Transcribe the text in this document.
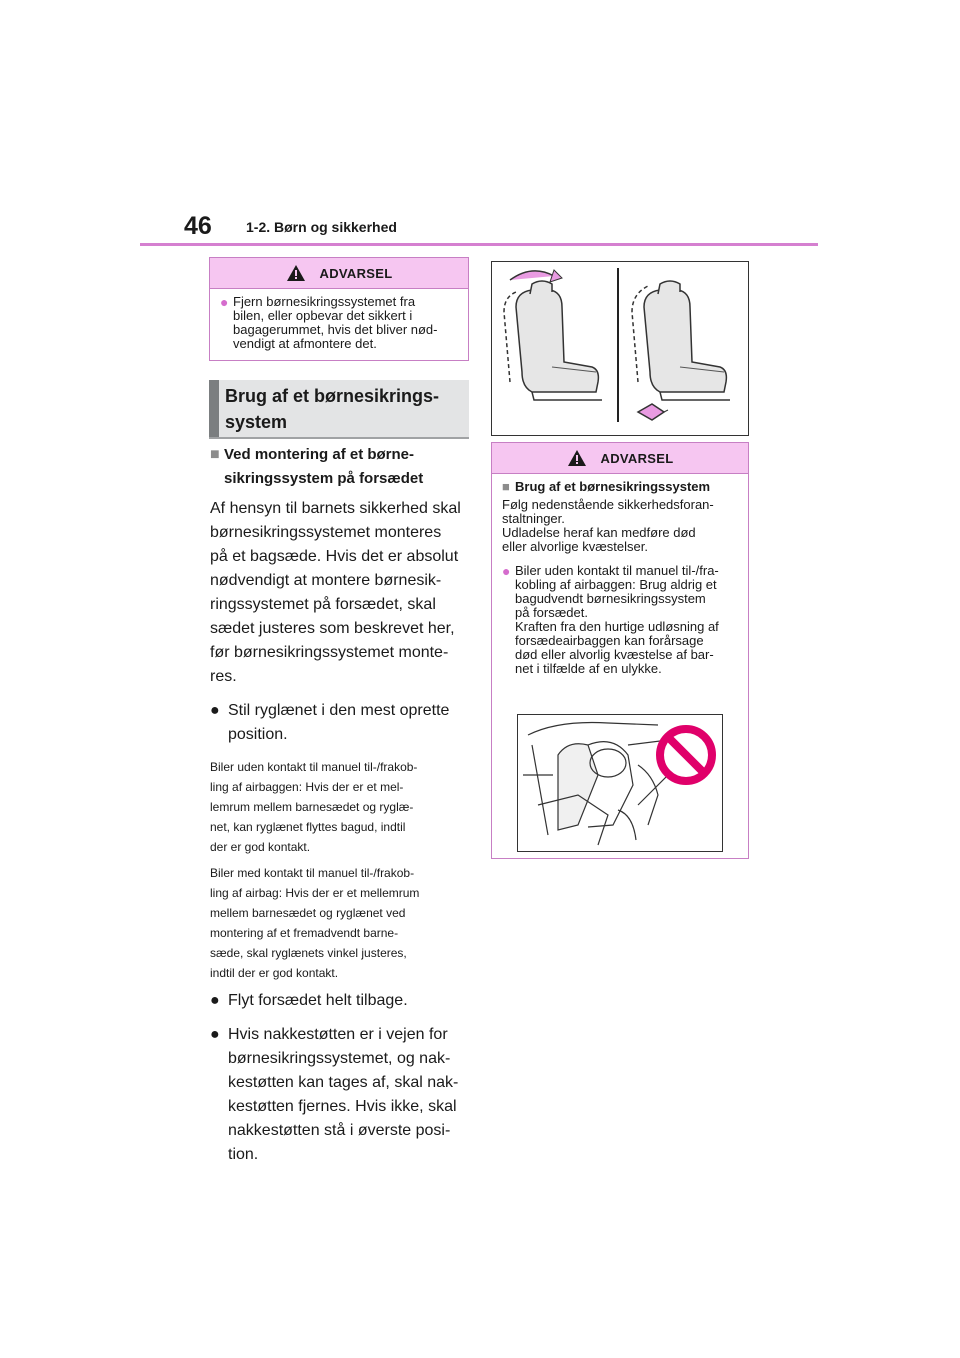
46 1-2. Børn og sikkerhed
ADVARSEL
● Fjern børnesikringssystemet fra
bilen, eller opbevar det sikkert i
bagagerummet, hvis det bliver nød-
vendigt at afmontere det.
Brug af et børnesikrings-
system
■ Ved montering af et børne-
sikringssystem på forsædet
Af hensyn til barnets sikkerhed skal
børnesikringssystemet monteres
på et bagsæde. Hvis det er absolut
nødvendigt at montere børnesik-
ringssystemet på forsædet, skal
sædet justeres som beskrevet her,
før børnesikringssystemet monte-
res.
● Stil ryglænet i den mest oprette
position.
Biler uden kontakt til manuel til-/frakob-
ling af airbaggen: Hvis der er et mel-
lemrum mellem barnesædet og ryglæ-
net, kan ryglænet flyttes bagud, indtil
der er god kontakt.
Biler med kontakt til manuel til-/frakob-
ling af airbag: Hvis der er et mellemrum
mellem barnesædet og ryglænet ved
montering af et fremadvendt barne-
sæde, skal ryglænets vinkel justeres,
indtil der er god kontakt.
● Flyt forsædet helt tilbage.
● Hvis nakkestøtten er i vejen for
børnesikringssystemet, og nak-
kestøtten kan tages af, skal nak-
kestøtten fjernes. Hvis ikke, skal
nakkestøtten stå i øverste posi-
tion.
ADVARSEL
■ Brug af et børnesikringssystem
Følg nedenstående sikkerhedsforan-
staltninger.
Udladelse heraf kan medføre død
eller alvorlige kvæstelser.
● Biler uden kontakt til manuel til-/fra-
kobling af airbaggen: Brug aldrig et
bagudvendt børnesikringssystem
på forsædet.
Kraften fra den hurtige udløsning af
forsædeairbaggen kan forårsage
død eller alvorlig kvæstelse af bar-
net i tilfælde af en ulykke.
